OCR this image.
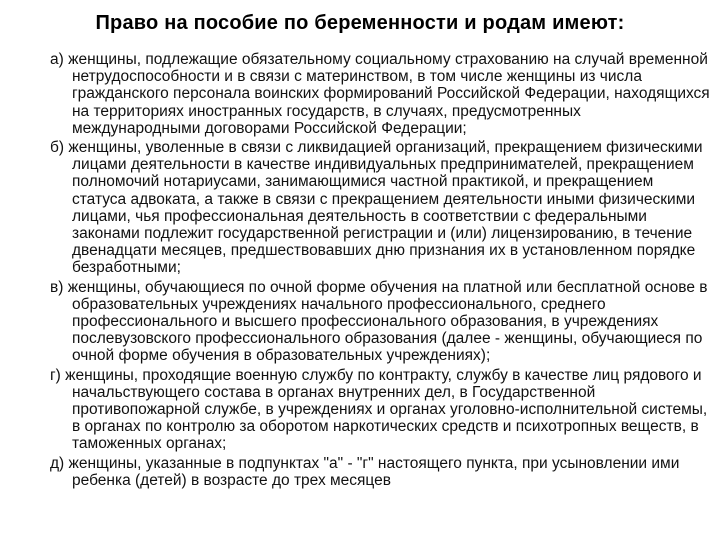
Право на пособие по беременности и родам имеют:
а) женщины, подлежащие обязательному социальному страхованию на случай временной нетрудоспособности и в связи с материнством, в том числе женщины из числа гражданского персонала воинских формирований Российской Федерации, находящихся на территориях иностранных государств, в случаях, предусмотренных международными договорами Российской Федерации;
б) женщины, уволенные в связи с ликвидацией организаций, прекращением физическими лицами деятельности в качестве индивидуальных предпринимателей, прекращением полномочий нотариусами, занимающимися частной практикой, и прекращением статуса адвоката, а также в связи с прекращением деятельности иными физическими лицами, чья профессиональная деятельность в соответствии с федеральными законами подлежит государственной регистрации и (или) лицензированию, в течение двенадцати месяцев, предшествовавших дню признания их в установленном порядке безработными;
в) женщины, обучающиеся по очной форме обучения на платной или бесплатной основе в образовательных учреждениях начального профессионального, среднего профессионального и высшего профессионального образования, в учреждениях послевузовского профессионального образования (далее - женщины, обучающиеся по очной форме обучения в образовательных учреждениях);
г) женщины, проходящие военную службу по контракту, службу в качестве лиц рядового и начальствующего состава в органах внутренних дел, в Государственной противопожарной службе, в учреждениях и органах уголовно-исполнительной системы, в органах по контролю за оборотом наркотических средств и психотропных веществ, в таможенных органах;
д) женщины, указанные в подпунктах "а" - "г" настоящего пункта, при усыновлении ими ребенка (детей) в возрасте до трех месяцев
